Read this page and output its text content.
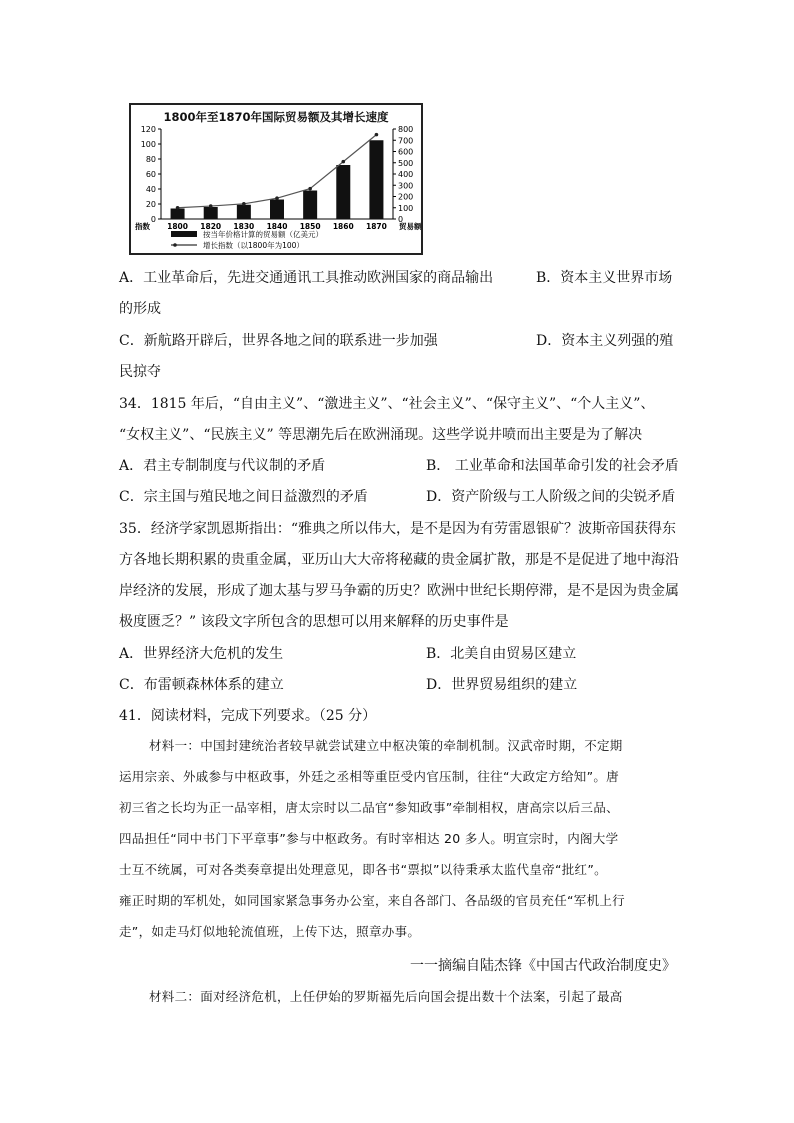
1800年至1870年国际贸易额及其增长速度
0
20
40
60
80
100
120
0
100
200
300
400
500
600
700
800
1800 1820 1830 1840 1850 1860 1870
指数	贸易额
按当年价格计算的贸易额（亿美元）
增长指数（以1800年为100）
A．工业革命后，先进交通通讯工具推动欧洲国家的商品输出	B．资本主义世界市场
的形成
C．新航路开辟后，世界各地之间的联系进一步加强	D．资本主义列强的殖
民掠夺
34．1815 年后，“自由主义”、“激进主义”、“社会主义”、“保守主义”、“个人主义”、
“女权主义”、“民族主义” 等思潮先后在欧洲涌现。这些学说井喷而出主要是为了解决
A．君主专制制度与代议制的矛盾	B． 工业革命和法国革命引发的社会矛盾
C．宗主国与殖民地之间日益激烈的矛盾	D．资产阶级与工人阶级之间的尖锐矛盾
35．经济学家凯恩斯指出：“雅典之所以伟大，是不是因为有劳雷恩银矿？波斯帝国获得东
方各地长期积累的贵重金属，亚历山大大帝将秘藏的贵金属扩散，那是不是促进了地中海沿
岸经济的发展，形成了迦太基与罗马争霸的历史？欧洲中世纪长期停滞，是不是因为贵金属
极度匮乏？” 该段文字所包含的思想可以用来解释的历史事件是
A．世界经济大危机的发生	B．北美自由贸易区建立
C．布雷顿森林体系的建立	D．世界贸易组织的建立
41．阅读材料，完成下列要求。（25 分）
材料一：中国封建统治者较早就尝试建立中枢决策的牵制机制。汉武帝时期，不定期
运用宗亲、外戚参与中枢政事，外廷之丞相等重臣受内官压制，往往“大政定方给知”。唐
初三省之长均为正一品宰相，唐太宗时以二品官“参知政事”牵制相权，唐高宗以后三品、
四品担任“同中书门下平章事”参与中枢政务。有时宰相达 20 多人。明宣宗时，内阁大学
士互不统属，可对各类奏章提出处理意见，即各书“票拟”以待秉承太监代皇帝“批红”。
雍正时期的军机处，如同国家紧急事务办公室，来自各部门、各品级的官员充任“军机上行
走”，如走马灯似地轮流值班，上传下达，照章办事。
一一摘编自陆杰锋《中国古代政治制度史》
材料二：面对经济危机，上任伊始的罗斯福先后向国会提出数十个法案，引起了最高
